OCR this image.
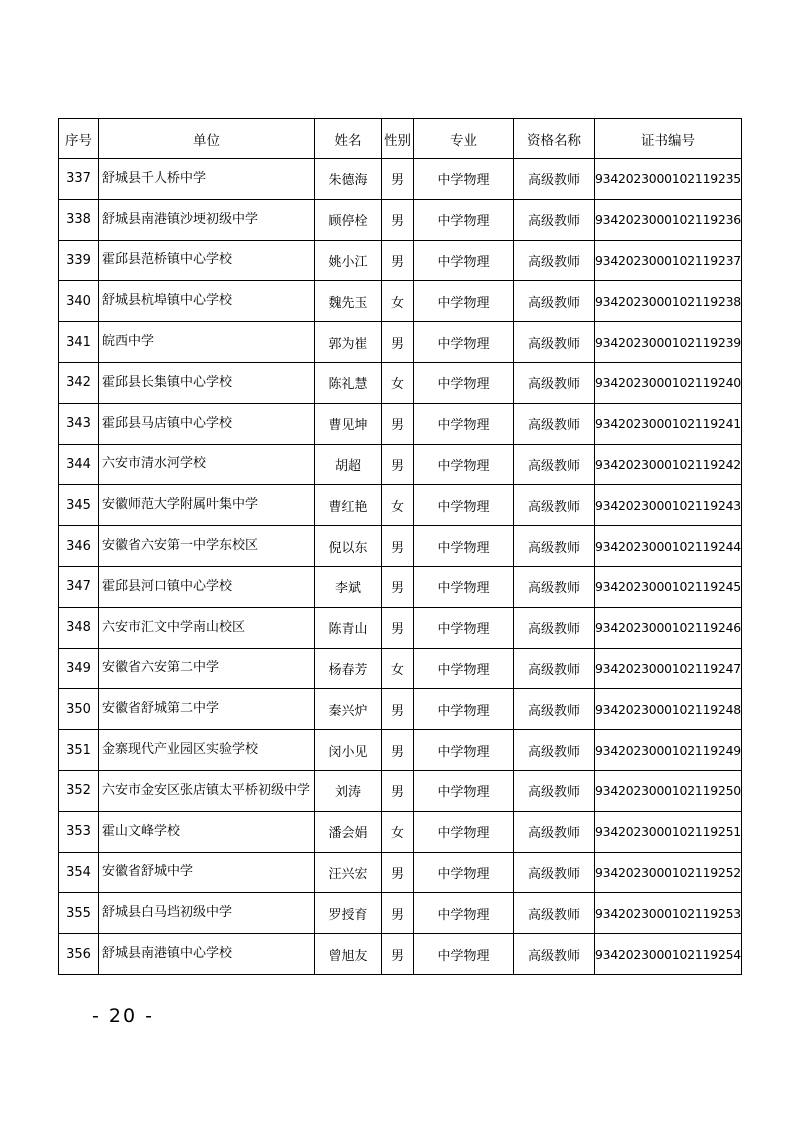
序号	单位	姓名	性别	专业	资格名称	证书编号
337	舒城县千人桥中学	朱德海	男	中学物理	高级教师	9342023000102119235
338	舒城县南港镇沙埂初级中学	顾停栓	男	中学物理	高级教师	9342023000102119236
339	霍邱县范桥镇中心学校	姚小江	男	中学物理	高级教师	9342023000102119237
340	舒城县杭埠镇中心学校	魏先玉	女	中学物理	高级教师	9342023000102119238
341	皖西中学	郭为崔	男	中学物理	高级教师	9342023000102119239
342	霍邱县长集镇中心学校	陈礼慧	女	中学物理	高级教师	9342023000102119240
343	霍邱县马店镇中心学校	曹见坤	男	中学物理	高级教师	9342023000102119241
344	六安市清水河学校	胡超	男	中学物理	高级教师	9342023000102119242
345	安徽师范大学附属叶集中学	曹红艳	女	中学物理	高级教师	9342023000102119243
346	安徽省六安第一中学东校区	倪以东	男	中学物理	高级教师	9342023000102119244
347	霍邱县河口镇中心学校	李斌	男	中学物理	高级教师	9342023000102119245
348	六安市汇文中学南山校区	陈青山	男	中学物理	高级教师	9342023000102119246
349	安徽省六安第二中学	杨春芳	女	中学物理	高级教师	9342023000102119247
350	安徽省舒城第二中学	秦兴炉	男	中学物理	高级教师	9342023000102119248
351	金寨现代产业园区实验学校	闵小见	男	中学物理	高级教师	9342023000102119249
352	六安市金安区张店镇太平桥初级中学	刘涛	男	中学物理	高级教师	9342023000102119250
353	霍山文峰学校	潘会娟	女	中学物理	高级教师	9342023000102119251
354	安徽省舒城中学	汪兴宏	男	中学物理	高级教师	9342023000102119252
355	舒城县白马垱初级中学	罗授育	男	中学物理	高级教师	9342023000102119253
356	舒城县南港镇中心学校	曾旭友	男	中学物理	高级教师	9342023000102119254
- 20 -
